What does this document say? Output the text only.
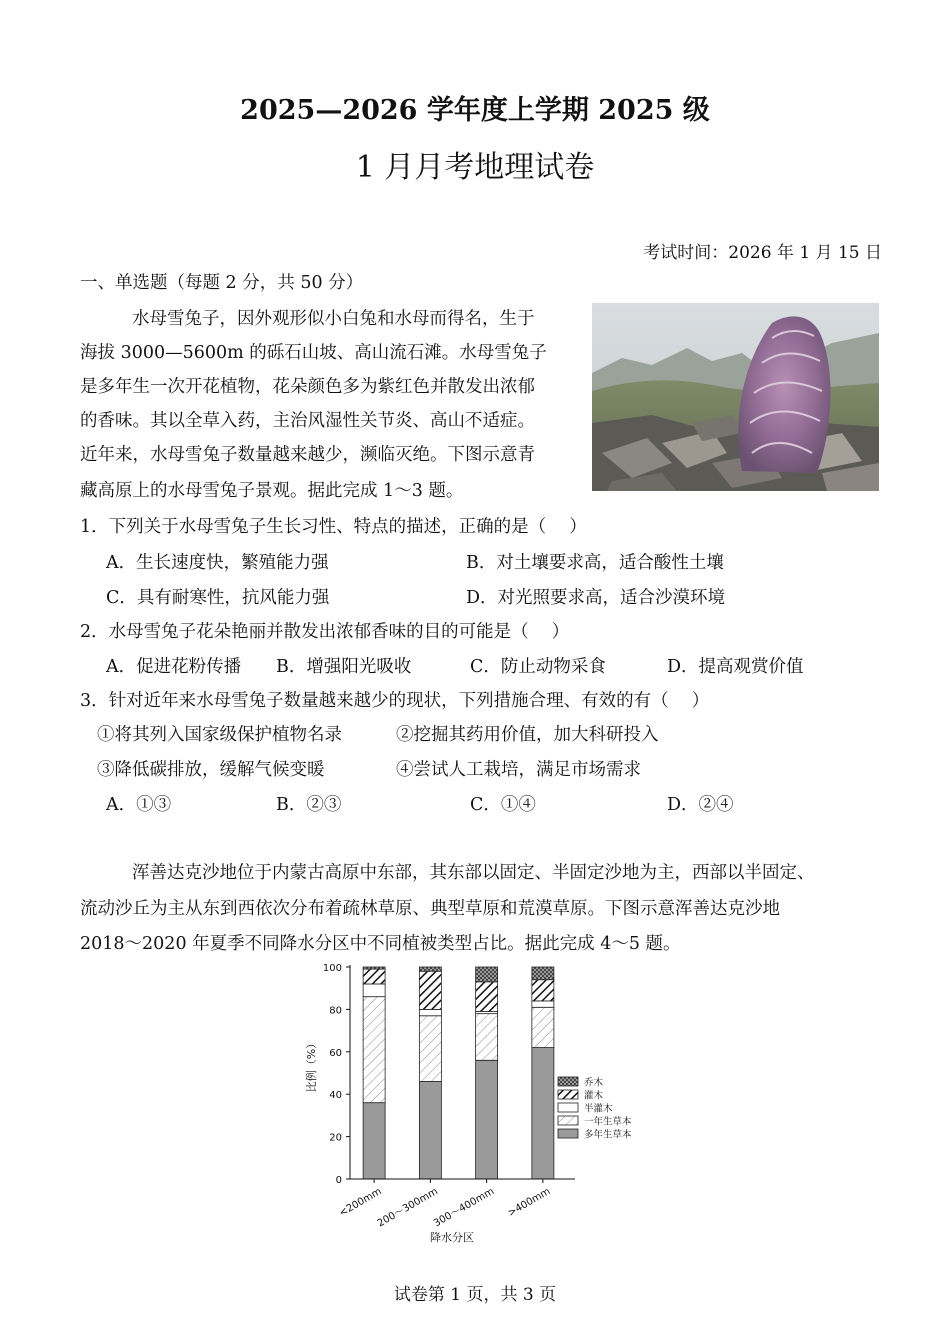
2025—2026 学年度上学期 2025 级
1 月月考地理试卷
考试时间：2026 年 1 月 15 日
一、单选题（每题 2 分，共 50 分）
水母雪兔子，因外观形似小白兔和水母而得名，生于
海拔 3000—5600m 的砾石山坡、高山流石滩。水母雪兔子
是多年生一次开花植物，花朵颜色多为紫红色并散发出浓郁
的香味。其以全草入药，主治风湿性关节炎、高山不适症。
近年来，水母雪兔子数量越来越少，濒临灭绝。下图示意青
藏高原上的水母雪兔子景观。据此完成 1～3 题。
1．下列关于水母雪兔子生长习性、特点的描述，正确的是（　 ）
A．生长速度快，繁殖能力强	B．对土壤要求高，适合酸性土壤
C．具有耐寒性，抗风能力强	D．对光照要求高，适合沙漠环境
2．水母雪兔子花朵艳丽并散发出浓郁香味的目的可能是（　 ）
A．促进花粉传播 B．增强阳光吸收	C．防止动物采食	D．提高观赏价值
3．针对近年来水母雪兔子数量越来越少的现状，下列措施合理、有效的有（　 ）
①将其列入国家级保护植物名录	②挖掘其药用价值，加大科研投入
③降低碳排放，缓解气候变暖	④尝试人工栽培，满足市场需求
A．①③	B．②③	C．①④	D．②④
浑善达克沙地位于内蒙古高原中东部，其东部以固定、半固定沙地为主，西部以半固定、
流动沙丘为主从东到西依次分布着疏林草原、典型草原和荒漠草原。下图示意浑善达克沙地
2018～2020 年夏季不同降水分区中不同植被类型占比。据此完成 4～5 题。
0
20
40
60
80
100
<200mm
200～300mm
300～400mm >400mm
乔木
灌木
半灌木
一年生草本
多年生草本
比例（%）
降水分区
试卷第 1 页，共 3 页
